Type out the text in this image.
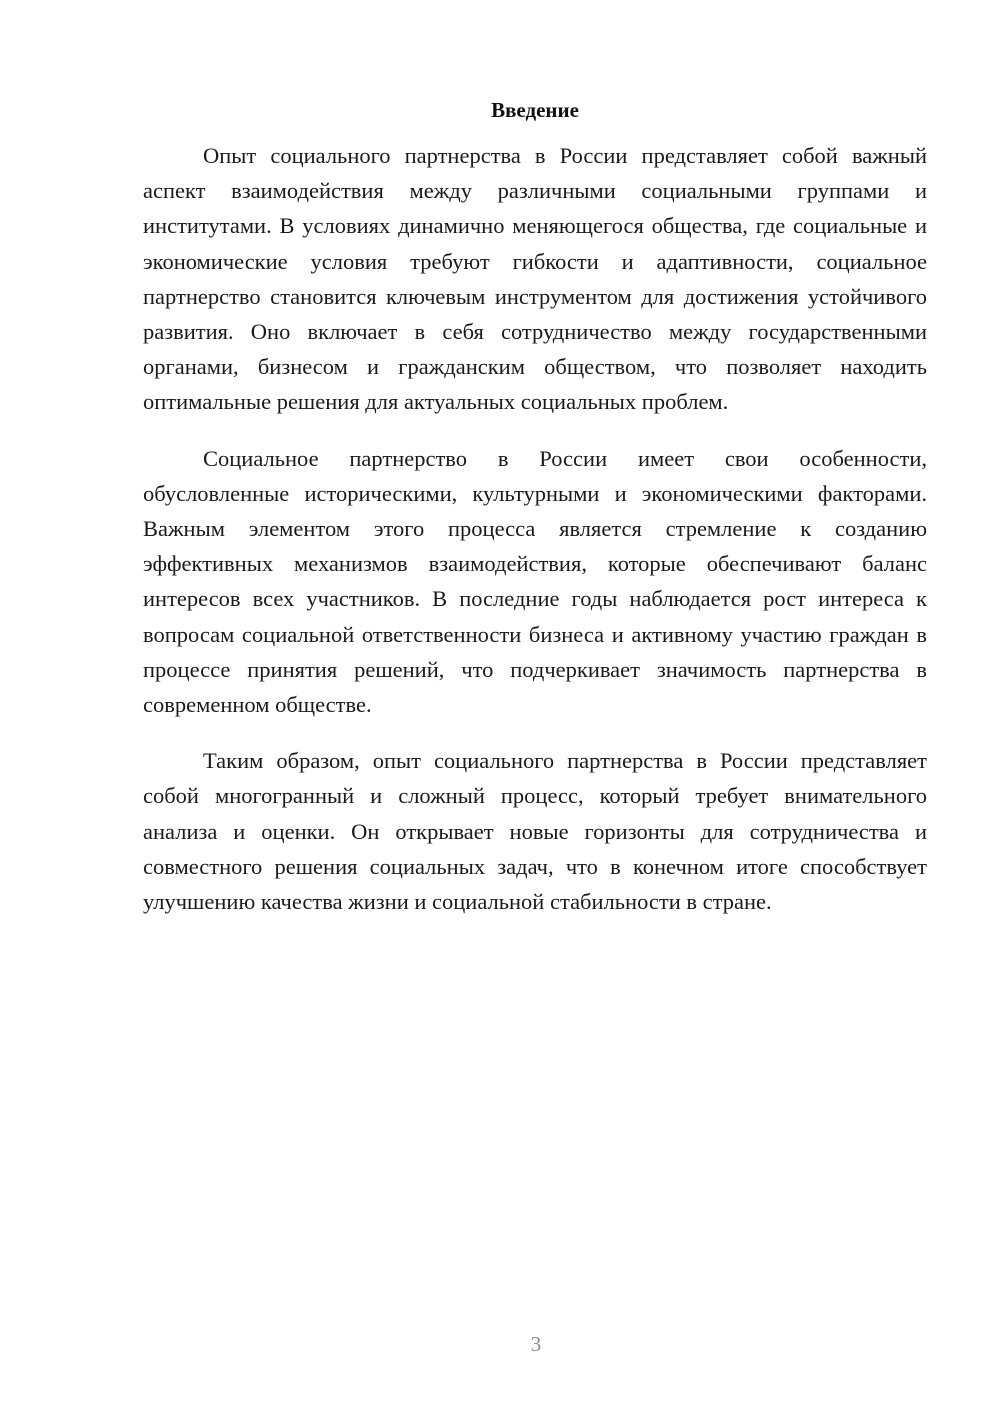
Введение

Опыт социального партнерства в России представляет собой важный аспект взаимодействия между различными социальными группами и институтами. В условиях динамично меняющегося общества, где социальные и экономические условия требуют гибкости и адаптивности, социальное партнерство становится ключевым инструментом для достижения устойчивого развития. Оно включает в себя сотрудничество между государственными органами, бизнесом и гражданским обществом, что позволяет находить оптимальные решения для актуальных социальных проблем.

Социальное партнерство в России имеет свои особенности, обусловленные историческими, культурными и экономическими факторами. Важным элементом этого процесса является стремление к созданию эффективных механизмов взаимодействия, которые обеспечивают баланс интересов всех участников. В последние годы наблюдается рост интереса к вопросам социальной ответственности бизнеса и активному участию граждан в процессе принятия решений, что подчеркивает значимость партнерства в современном обществе.

Таким образом, опыт социального партнерства в России представляет собой многогранный и сложный процесс, который требует внимательного анализа и оценки. Он открывает новые горизонты для сотрудничества и совместного решения социальных задач, что в конечном итоге способствует улучшению качества жизни и социальной стабильности в стране.

3
